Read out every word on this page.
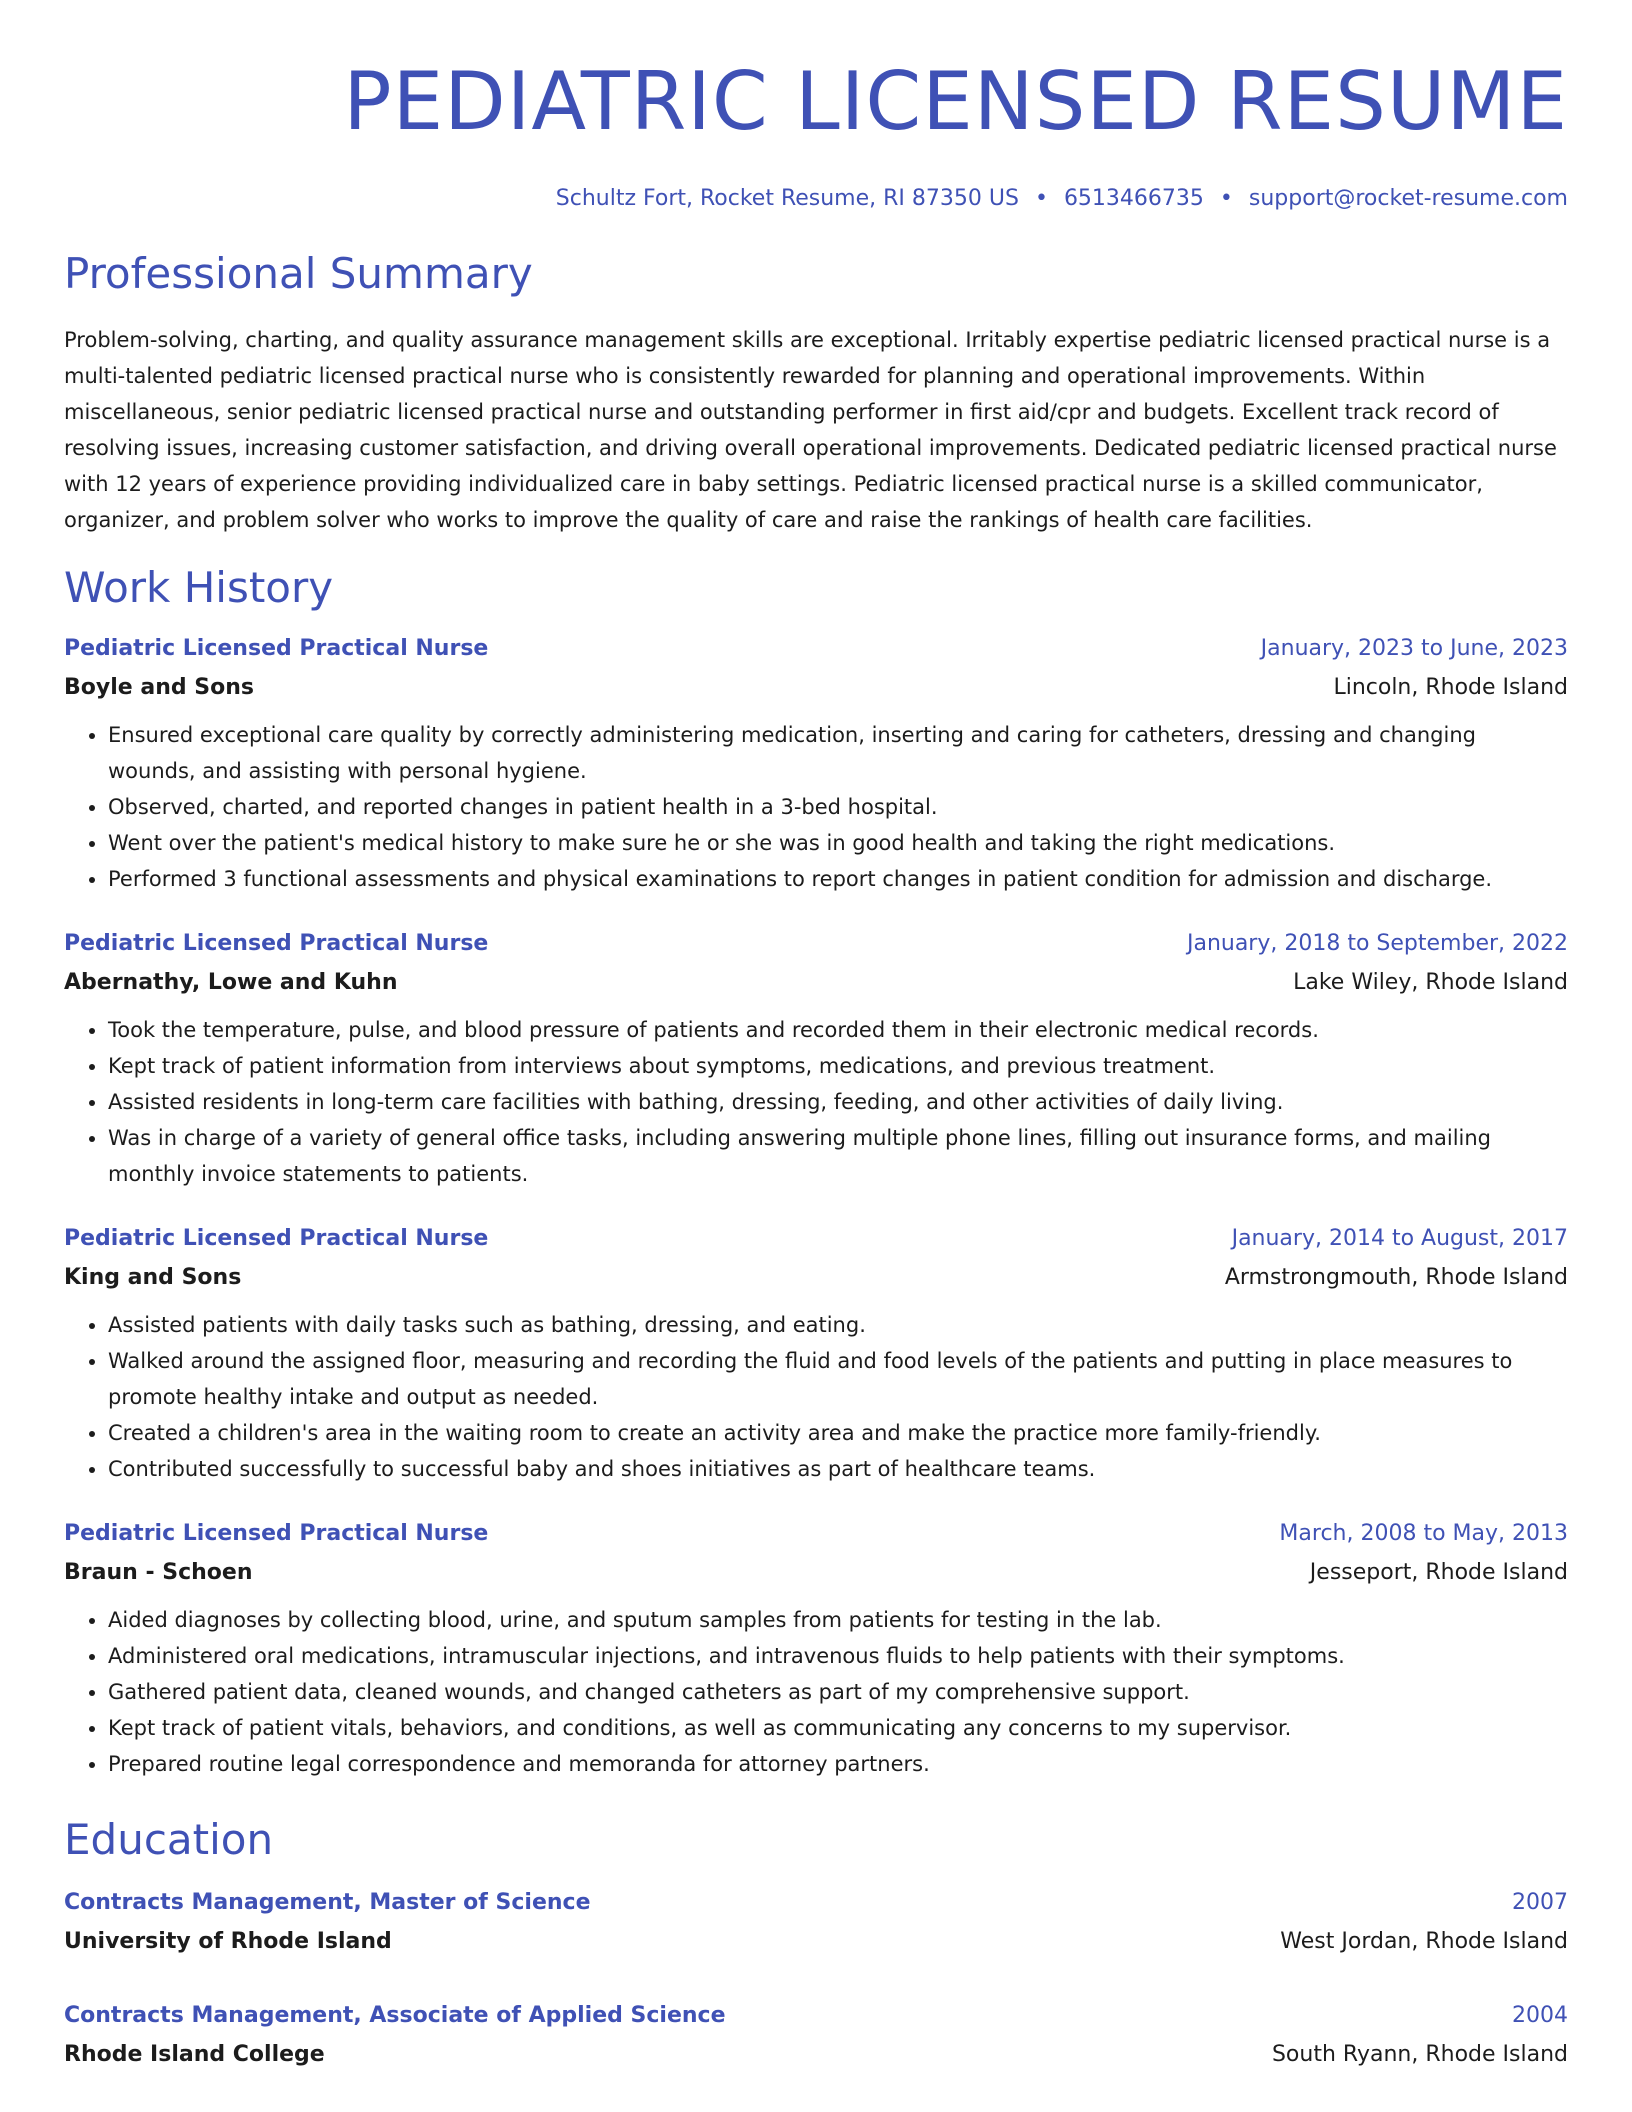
PEDIATRIC LICENSED RESUME
Schultz Fort, Rocket Resume, RI 87350 US • 6513466735 • support@rocket-resume.com
Professional Summary

Problem-solving, charting, and quality assurance management skills are exceptional. Irritably expertise pediatric licensed practical nurse is a multi-talented pediatric licensed practical nurse who is consistently rewarded for planning and operational improvements. Within miscellaneous, senior pediatric licensed practical nurse and outstanding performer in first aid/cpr and budgets. Excellent track record of resolving issues, increasing customer satisfaction, and driving overall operational improvements. Dedicated pediatric licensed practical nurse with 12 years of experience providing individualized care in baby settings. Pediatric licensed practical nurse is a skilled communicator, organizer, and problem solver who works to improve the quality of care and raise the rankings of health care facilities.

Work History
Pediatric Licensed Practical Nurse	January, 2023 to June, 2023
Boyle and Sons	Lincoln, Rhode Island
• Ensured exceptional care quality by correctly administering medication, inserting and caring for catheters, dressing and changing wounds, and assisting with personal hygiene.
• Observed, charted, and reported changes in patient health in a 3-bed hospital.
• Went over the patient's medical history to make sure he or she was in good health and taking the right medications.
• Performed 3 functional assessments and physical examinations to report changes in patient condition for admission and discharge.
Pediatric Licensed Practical Nurse	January, 2018 to September, 2022
Abernathy, Lowe and Kuhn	Lake Wiley, Rhode Island
• Took the temperature, pulse, and blood pressure of patients and recorded them in their electronic medical records.
• Kept track of patient information from interviews about symptoms, medications, and previous treatment.
• Assisted residents in long-term care facilities with bathing, dressing, feeding, and other activities of daily living.
• Was in charge of a variety of general office tasks, including answering multiple phone lines, filling out insurance forms, and mailing monthly invoice statements to patients.
Pediatric Licensed Practical Nurse	January, 2014 to August, 2017
King and Sons	Armstrongmouth, Rhode Island
• Assisted patients with daily tasks such as bathing, dressing, and eating.
• Walked around the assigned floor, measuring and recording the fluid and food levels of the patients and putting in place measures to promote healthy intake and output as needed.
• Created a children's area in the waiting room to create an activity area and make the practice more family-friendly.
• Contributed successfully to successful baby and shoes initiatives as part of healthcare teams.
Pediatric Licensed Practical Nurse	March, 2008 to May, 2013
Braun - Schoen	Jesseport, Rhode Island
• Aided diagnoses by collecting blood, urine, and sputum samples from patients for testing in the lab.
• Administered oral medications, intramuscular injections, and intravenous fluids to help patients with their symptoms.
• Gathered patient data, cleaned wounds, and changed catheters as part of my comprehensive support.
• Kept track of patient vitals, behaviors, and conditions, as well as communicating any concerns to my supervisor.
• Prepared routine legal correspondence and memoranda for attorney partners.
Education
Contracts Management, Master of Science	2007
University of Rhode Island	West Jordan, Rhode Island
Contracts Management, Associate of Applied Science	2004
Rhode Island College	South Ryann, Rhode Island
